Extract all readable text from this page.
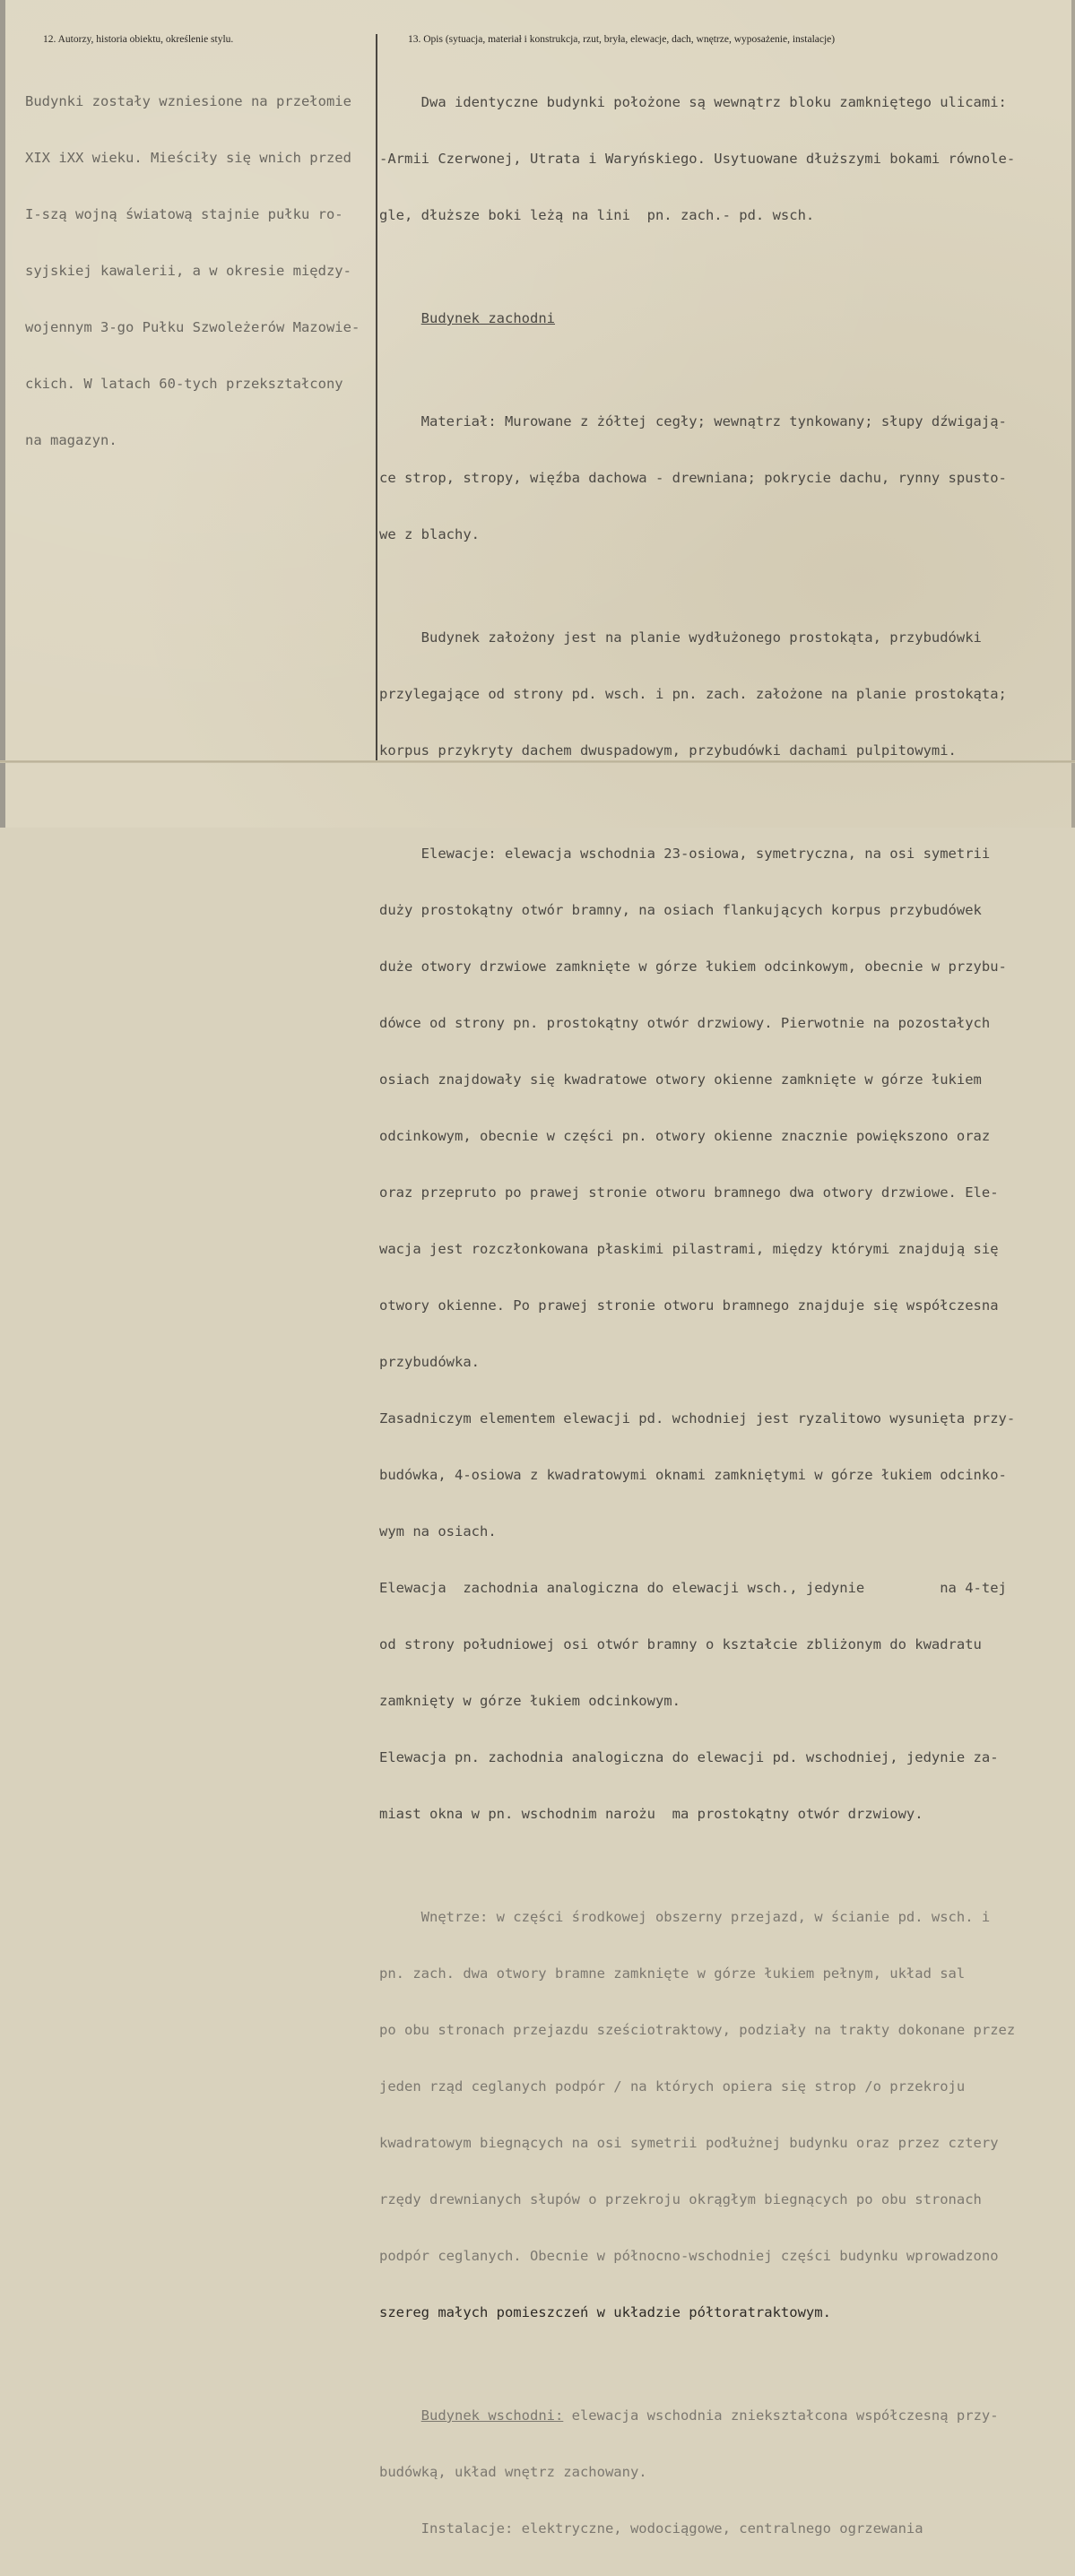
12. Autorzy, historia obiektu, określenie stylu.	13. Opis (sytuacja, materiał i konstrukcja, rzut, bryła, elewacje, dach, wnętrze, wyposażenie, instalacje)

Budynki zostały wzniesione na przełomie

XIX iXX wieku. Mieściły się wnich przed

I-szą wojną światową stajnie pułku ro-

syjskiej kawalerii, a w okresie między-

wojennym 3-go Pułku Szwoleżerów Mazowie-

ckich. W latach 60-tych przekształcony

na magazyn.

Dwa identyczne budynki położone są wewnątrz bloku zamkniętego ulicami:

-Armii Czerwonej, Utrata i Waryńskiego. Usytuowane dłuższymi bokami równole-

gle, dłuższe boki leżą na lini  pn. zach.- pd. wsch.

Budynek zachodni

Materiał: Murowane z żółtej cegły; wewnątrz tynkowany; słupy dźwigają-

ce strop, stropy, więźba dachowa - drewniana; pokrycie dachu, rynny spusto-

we z blachy.

Budynek założony jest na planie wydłużonego prostokąta, przybudówki

przylegające od strony pd. wsch. i pn. zach. założone na planie prostokąta;

korpus przykryty dachem dwuspadowym, przybudówki dachami pulpitowymi.

Elewacje: elewacja wschodnia 23-osiowa, symetryczna, na osi symetrii

duży prostokątny otwór bramny, na osiach flankujących korpus przybudówek

duże otwory drzwiowe zamknięte w górze łukiem odcinkowym, obecnie w przybu-

dówce od strony pn. prostokątny otwór drzwiowy. Pierwotnie na pozostałych

osiach znajdowały się kwadratowe otwory okienne zamknięte w górze łukiem

odcinkowym, obecnie w części pn. otwory okienne znacznie powiększono oraz

oraz przepruto po prawej stronie otworu bramnego dwa otwory drzwiowe. Ele-

wacja jest rozczłonkowana płaskimi pilastrami, między którymi znajdują się

otwory okienne. Po prawej stronie otworu bramnego znajduje się współczesna

przybudówka.

Zasadniczym elementem elewacji pd. wchodniej jest ryzalitowo wysunięta przy-

budówka, 4-osiowa z kwadratowymi oknami zamkniętymi w górze łukiem odcinko-

wym na osiach.

Elewacja  zachodnia analogiczna do elewacji wsch., jedynie         na 4-tej

od strony południowej osi otwór bramny o kształcie zbliżonym do kwadratu

zamknięty w górze łukiem odcinkowym.

Elewacja pn. zachodnia analogiczna do elewacji pd. wschodniej, jedynie za-

miast okna w pn. wschodnim narożu  ma prostokątny otwór drzwiowy.

Wnętrze: w części środkowej obszerny przejazd, w ścianie pd. wsch. i

pn. zach. dwa otwory bramne zamknięte w górze łukiem pełnym, układ sal

po obu stronach przejazdu sześciotraktowy, podziały na trakty dokonane przez

jeden rząd ceglanych podpór / na których opiera się strop /o przekroju

kwadratowym biegnących na osi symetrii podłużnej budynku oraz przez cztery

rzędy drewnianych słupów o przekroju okrągłym biegnących po obu stronach

podpór ceglanych. Obecnie w północno-wschodniej części budynku wprowadzono

szereg małych pomieszczeń w układzie półtoratraktowym.

Budynek wschodni: elewacja wschodnia zniekształcona współczesną przy-

budówką, układ wnętrz zachowany.

Instalacje: elektryczne, wodociągowe, centralnego ogrzewania
